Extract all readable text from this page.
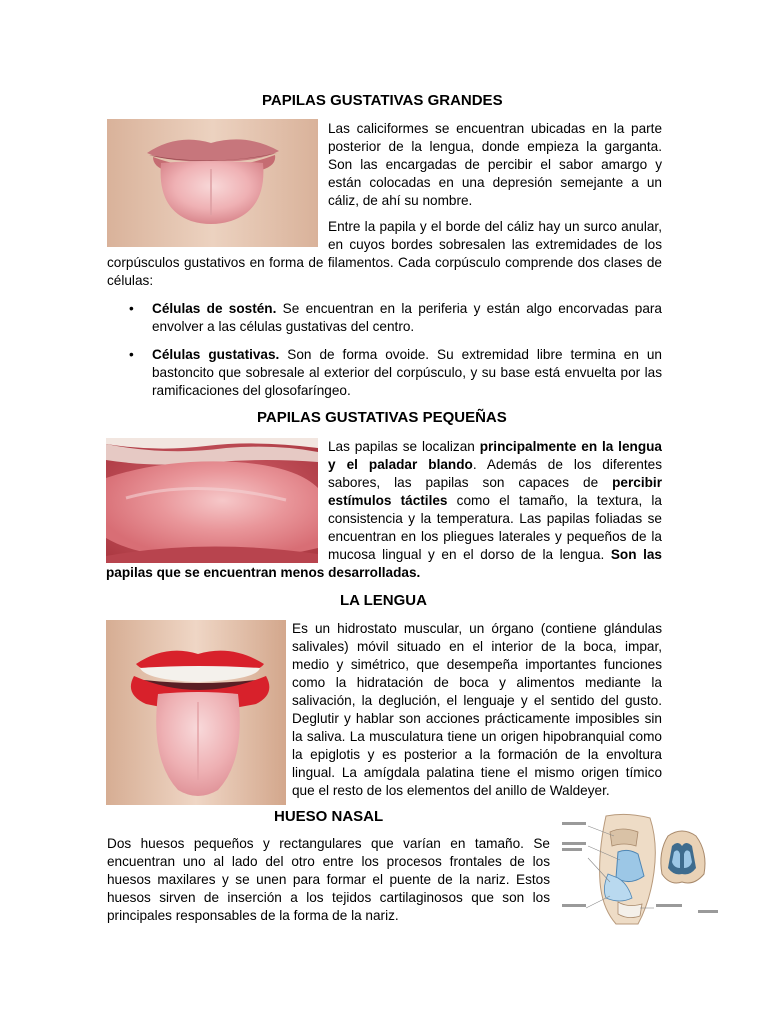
PAPILAS GUSTATIVAS GRANDES

Las caliciformes se encuentran ubicadas en la parte posterior de la lengua, donde empieza la garganta. Son las encargadas de percibir el sabor amargo y están colocadas en una depresión semejante a un cáliz, de ahí su nombre.

Entre la papila y el borde del cáliz hay un surco anular, en cuyos bordes sobresalen las extremidades de los corpúsculos gustativos en forma de filamentos. Cada corpúsculo comprende dos clases de células:

• Células de sostén. Se encuentran en la periferia y están algo encorvadas para envolver a las células gustativas del centro.
• Células gustativas. Son de forma ovoide. Su extremidad libre termina en un bastoncito que sobresale al exterior del corpúsculo, y su base está envuelta por las ramificaciones del glosofaríngeo.
PAPILAS GUSTATIVAS PEQUEÑAS

Las papilas se localizan principalmente en la lengua y el paladar blando. Además de los diferentes sabores, las papilas son capaces de percibir estímulos táctiles como el tamaño, la textura, la consistencia y la temperatura. Las papilas foliadas se encuentran en los pliegues laterales y pequeños de la mucosa lingual y en el dorso de la lengua. Son las papilas que se encuentran menos desarrolladas.

LA LENGUA

Es un hidrostato muscular, un órgano (contiene glándulas salivales) móvil situado en el interior de la boca, impar, medio y simétrico, que desempeña importantes funciones como la hidratación de boca y alimentos mediante la salivación, la deglución, el lenguaje y el sentido del gusto. Deglutir y hablar son acciones prácticamente imposibles sin la saliva. La musculatura tiene un origen hipobranquial como la epiglotis y es posterior a la formación de la envoltura lingual. La amígdala palatina tiene el mismo origen tímico que el resto de los elementos del anillo de Waldeyer.

HUESO NASAL

Dos huesos pequeños y rectangulares que varían en tamaño. Se encuentran uno al lado del otro entre los procesos frontales de los huesos maxilares y se unen para formar el puente de la nariz. Estos huesos sirven de inserción a los tejidos cartilaginosos que son los principales responsables de la forma de la nariz.
